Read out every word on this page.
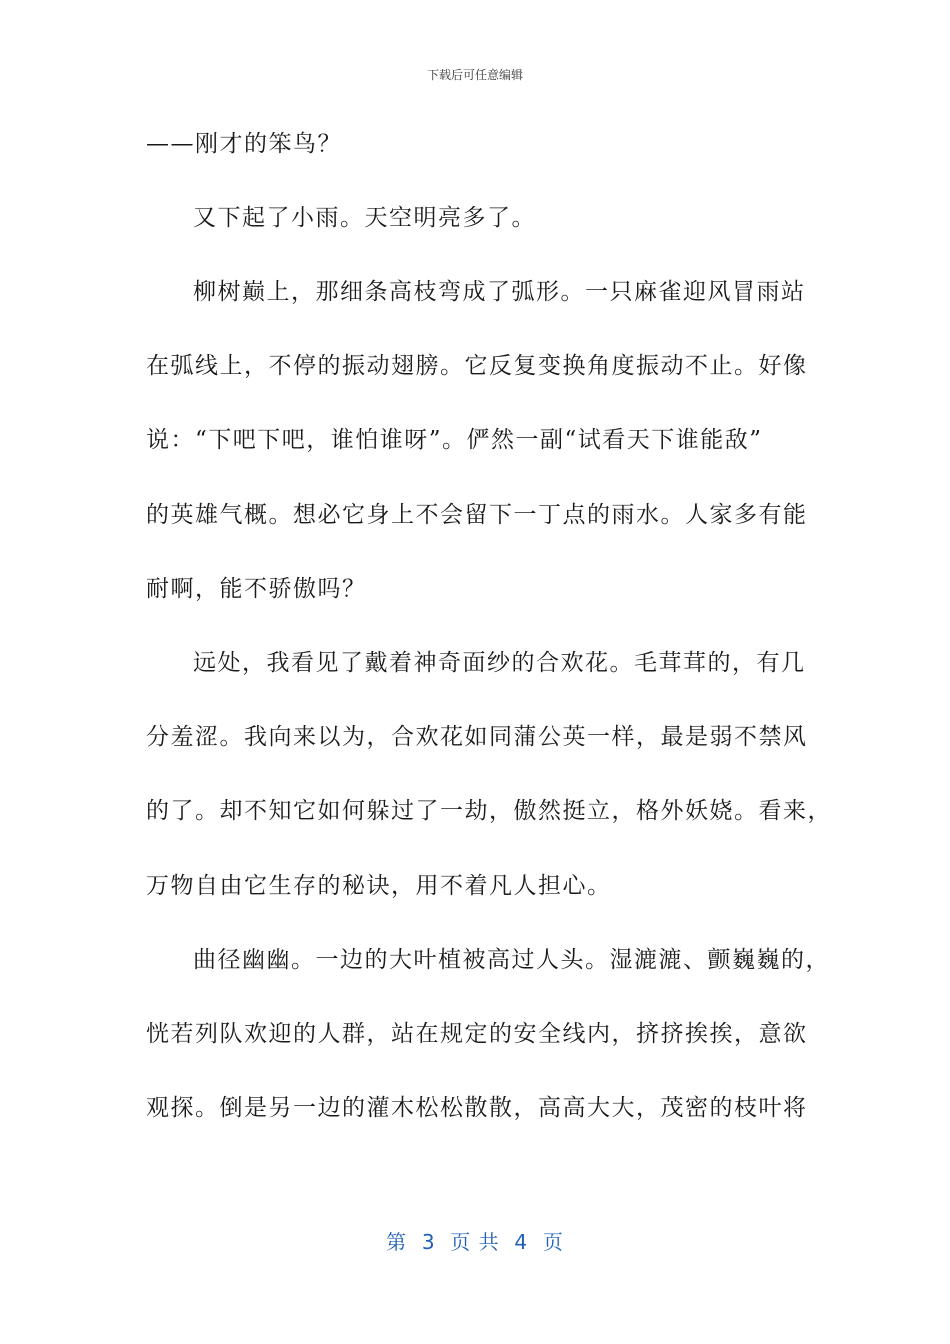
下载后可任意编辑
——刚才的笨鸟？
又下起了小雨。天空明亮多了。
柳树巅上，那细条高枝弯成了弧形。一只麻雀迎风冒雨站
在弧线上，不停的振动翅膀。它反复变换角度振动不止。好像
说：“下吧下吧，谁怕谁呀”。俨然一副“试看天下谁能敌”
的英雄气概。想必它身上不会留下一丁点的雨水。人家多有能
耐啊，能不骄傲吗？
远处，我看见了戴着神奇面纱的合欢花。毛茸茸的，有几
分羞涩。我向来以为，合欢花如同蒲公英一样，最是弱不禁风
的了。却不知它如何躲过了一劫，傲然挺立，格外妖娆。看来，
万物自由它生存的秘诀，用不着凡人担心。
曲径幽幽。一边的大叶植被高过人头。湿漉漉、颤巍巍的，
恍若列队欢迎的人群，站在规定的安全线内，挤挤挨挨，意欲
观探。倒是另一边的灌木松松散散，高高大大，茂密的枝叶将
第  3  页 共  4  页
